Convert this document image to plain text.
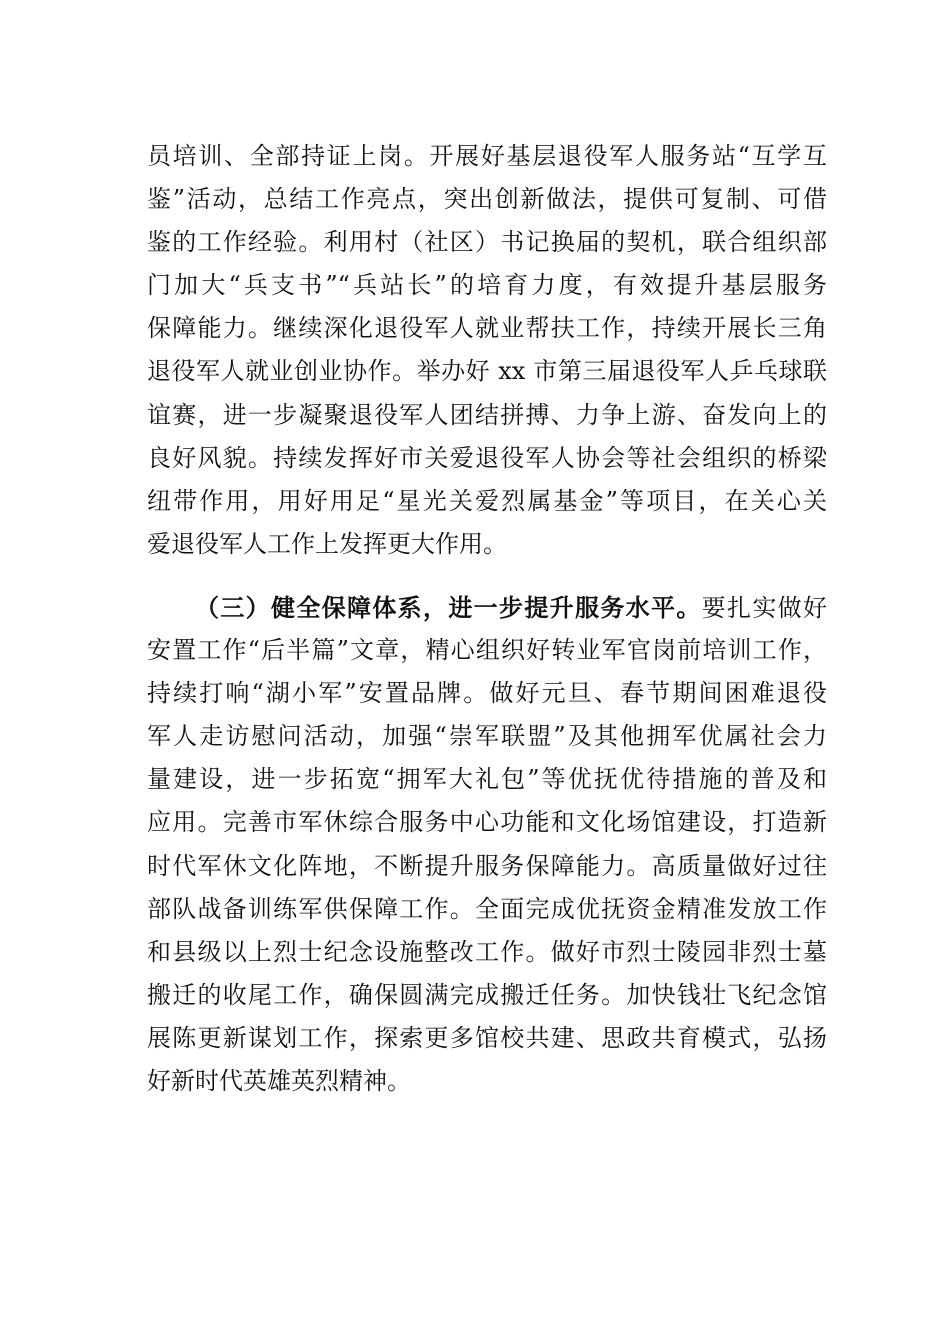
员培训、全部持证上岗。开展好基层退役军人服务站“互学互
鉴”活动，总结工作亮点，突出创新做法，提供可复制、可借
鉴的工作经验。利用村（社区）书记换届的契机，联合组织部
门加大“兵支书”“兵站长”的培育力度，有效提升基层服务
保障能力。继续深化退役军人就业帮扶工作，持续开展长三角
退役军人就业创业协作。举办好 xx 市第三届退役军人乒乓球联
谊赛，进一步凝聚退役军人团结拼搏、力争上游、奋发向上的
良好风貌。持续发挥好市关爱退役军人协会等社会组织的桥梁
纽带作用，用好用足“星光关爱烈属基金”等项目，在关心关
爱退役军人工作上发挥更大作用。
（三）健全保障体系，进一步提升服务水平。要扎实做好
安置工作“后半篇”文章，精心组织好转业军官岗前培训工作，
持续打响“湖小军”安置品牌。做好元旦、春节期间困难退役
军人走访慰问活动，加强“崇军联盟”及其他拥军优属社会力
量建设，进一步拓宽“拥军大礼包”等优抚优待措施的普及和
应用。完善市军休综合服务中心功能和文化场馆建设，打造新
时代军休文化阵地，不断提升服务保障能力。高质量做好过往
部队战备训练军供保障工作。全面完成优抚资金精准发放工作
和县级以上烈士纪念设施整改工作。做好市烈士陵园非烈士墓
搬迁的收尾工作，确保圆满完成搬迁任务。加快钱壮飞纪念馆
展陈更新谋划工作，探索更多馆校共建、思政共育模式，弘扬
好新时代英雄英烈精神。
